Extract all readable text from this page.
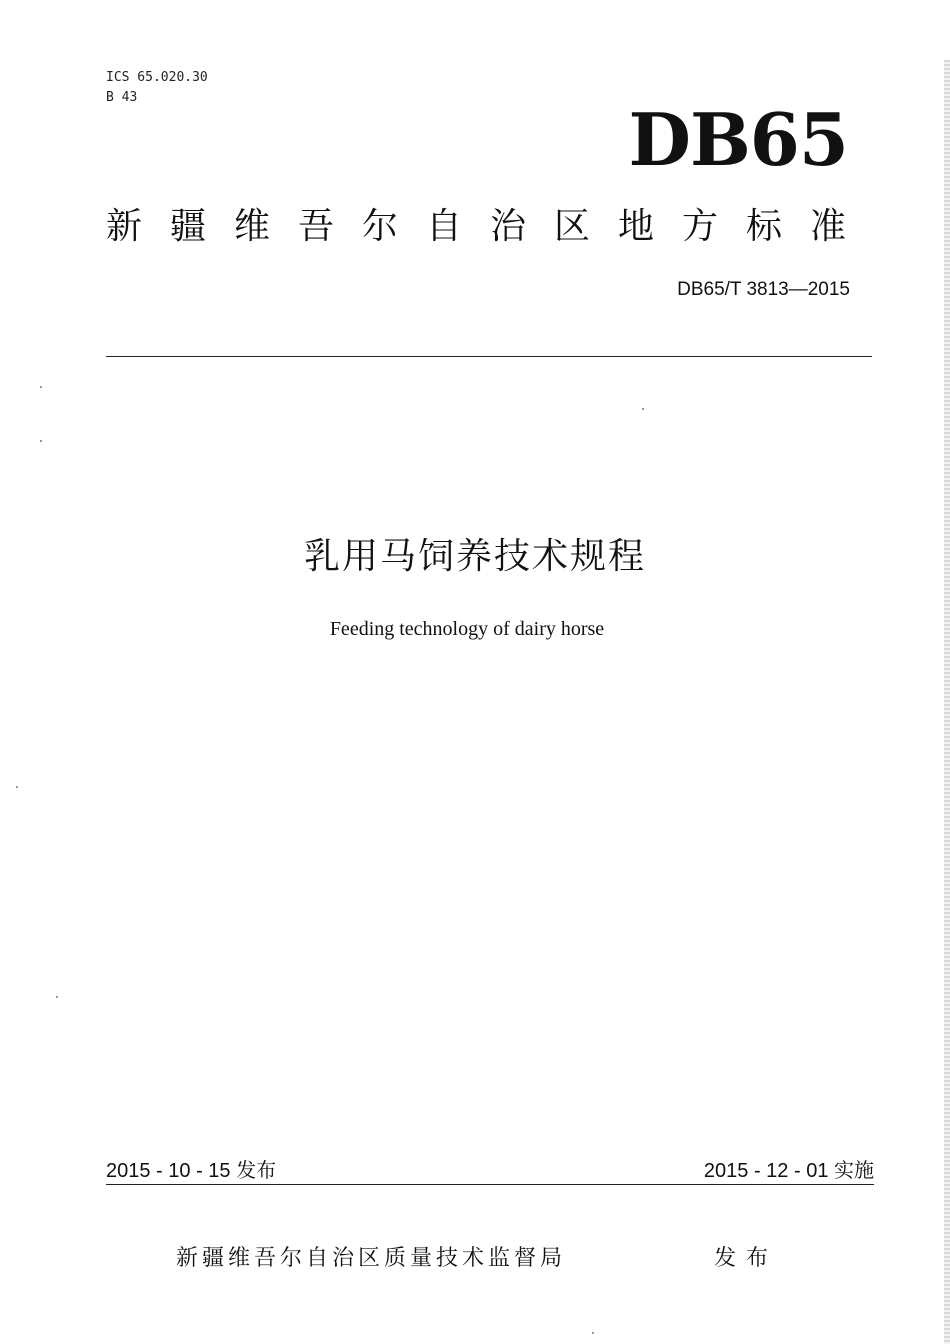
ICS 65.020.30
B 43	DB65
新疆维吾尔自治区地方标准
DB65/T 3813—2015
乳用马饲养技术规程
Feeding technology of dairy horse
2015 - 10 - 15 发布	2015 - 12 - 01 实施
新疆维吾尔自治区质量技术监督局	发布
